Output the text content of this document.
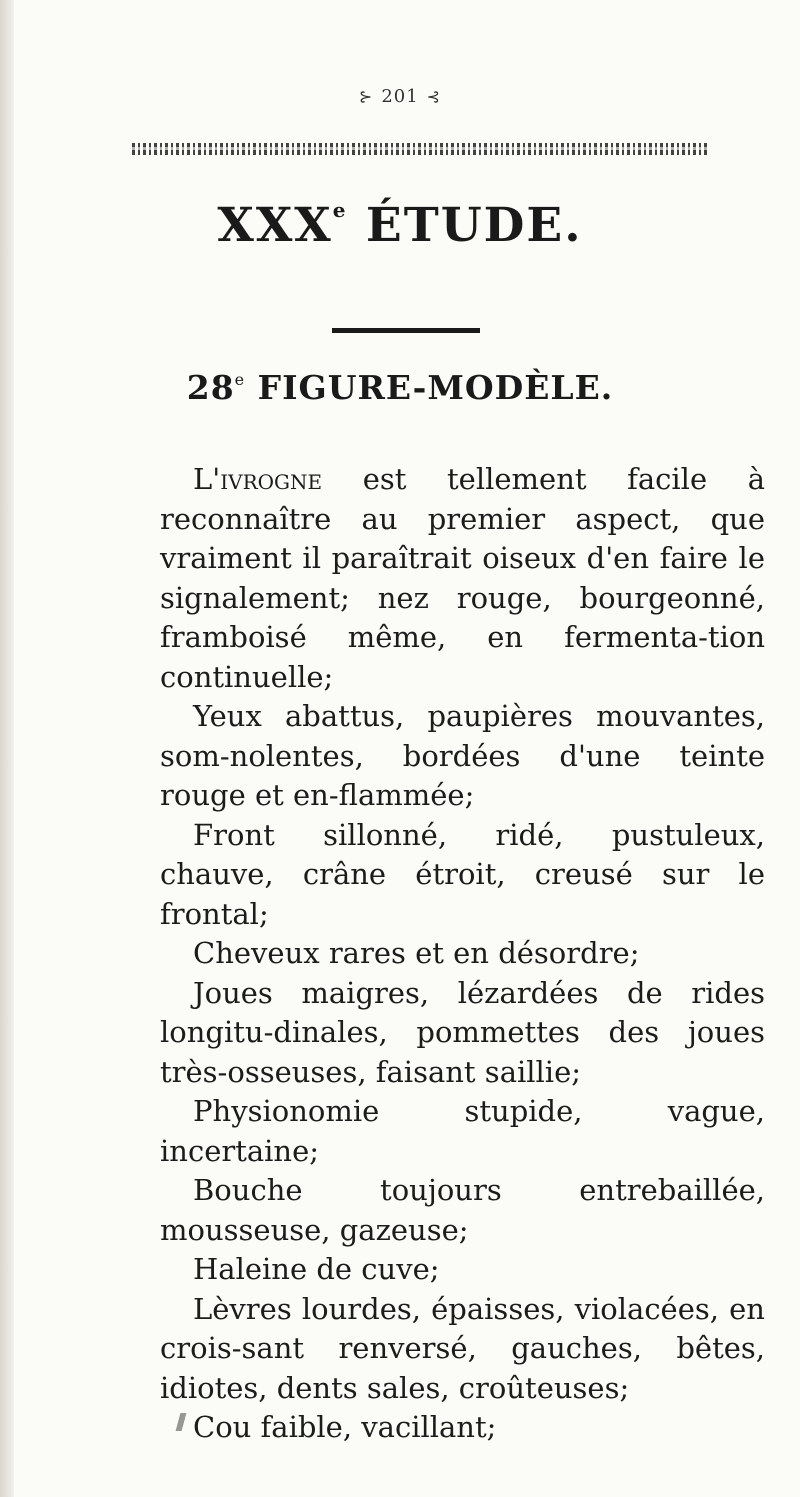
⊱ 201 ⊰
XXXe ÉTUDE.
28e FIGURE-MODÈLE.

L'ivrogne est tellement facile à reconnaître au premier aspect, que vraiment il paraîtrait oiseux d'en faire le signalement; nez rouge, bourgeonné, framboisé même, en fermenta-tion continuelle;

Yeux abattus, paupières mouvantes, som-nolentes, bordées d'une teinte rouge et en-flammée;

Front sillonné, ridé, pustuleux, chauve, crâne étroit, creusé sur le frontal;

Cheveux rares et en désordre;

Joues maigres, lézardées de rides longitu-dinales, pommettes des joues très-osseuses, faisant saillie;

Physionomie stupide, vague, incertaine;

Bouche toujours entrebaillée, mousseuse, gazeuse;

Haleine de cuve;

Lèvres lourdes, épaisses, violacées, en crois-sant renversé, gauches, bêtes, idiotes, dents sales, croûteuses;

Cou faible, vacillant;
